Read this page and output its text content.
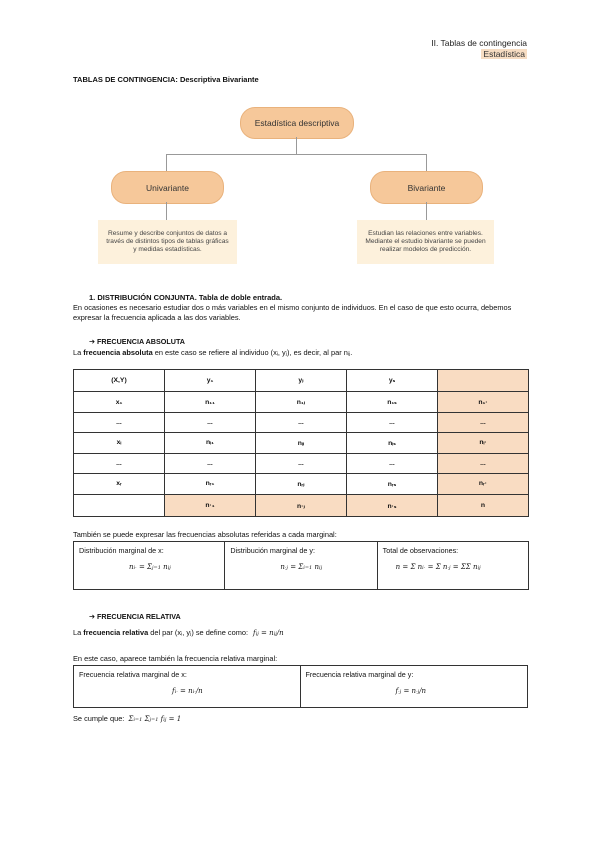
II. Tablas de contingencia
Estadística
TABLAS DE CONTINGENCIA: Descriptiva Bivariante
Estadística descriptiva
Univariante	Bivariante
Resume y describe conjuntos de datos a través de distintos tipos de tablas gráficas y medidas estadísticas.
Estudian las relaciones entre variables. Mediante el estudio bivariante se pueden realizar modelos de predicción.
1. DISTRIBUCIÓN CONJUNTA. Tabla de doble entrada.
En ocasiones es necesario estudiar dos o más variables en el mismo conjunto de individuos. En el caso de que esto ocurra, debemos expresar la frecuencia aplicada a las dos variables.
➔ FRECUENCIA ABSOLUTA
La frecuencia absoluta en este caso se refiere al individuo (xᵢ, yⱼ), es decir, al par nᵢⱼ.
(X,Y)	y₁	yⱼ	yₛ	
x₁	n₁₁	n₁ⱼ	n₁ₛ	n₁·
...	...	...	...	...
xᵢ	nᵢ₁	nᵢⱼ	nᵢₛ	nᵢ·
...	...	...	...	...
xᵣ	nᵣ₁	nᵣⱼ	nᵣₛ	nᵣ·
	n·₁	n·ⱼ	n·ₛ	n
También se puede expresar las frecuencias absolutas referidas a cada marginal:
Distribución marginal de x:
ni· = Σj=1 nij
Distribución marginal de y:
n·j = Σi=1 nij
Total de observaciones:
n = Σ ni· = Σ n·j = ΣΣ nij
➔ FRECUENCIA RELATIVA
La frecuencia relativa del par (xᵢ, yⱼ) se define como: fij = nij/n
En este caso, aparece también la frecuencia relativa marginal:
Frecuencia relativa marginal de x:
fi· = ni·/n
Frecuencia relativa marginal de y:
f·j = n·j/n
Se cumple que: Σi=1 Σj=1 fij = 1
